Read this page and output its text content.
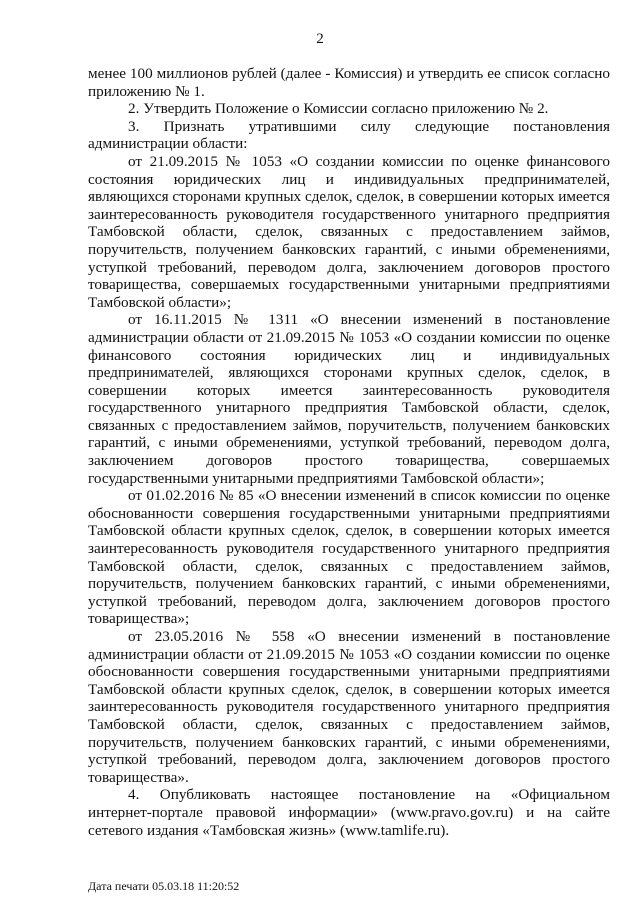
2
менее 100 миллионов рублей (далее - Комиссия) и утвердить ее список согласно
приложению № 1.
2. Утвердить Положение о Комиссии согласно приложению № 2.
3. Признать утратившими силу следующие постановления
администрации области:
от 21.09.2015 № 1053 «О создании комиссии по оценке финансового
состояния юридических лиц и индивидуальных предпринимателей,
являющихся сторонами крупных сделок, сделок, в совершении которых имеется
заинтересованность руководителя государственного унитарного предприятия
Тамбовской области, сделок, связанных с предоставлением займов,
поручительств, получением банковских гарантий, с иными обременениями,
уступкой требований, переводом долга, заключением договоров простого
товарищества, совершаемых государственными унитарными предприятиями
Тамбовской области»;
от 16.11.2015 № 1311 «О внесении изменений в постановление
администрации области от 21.09.2015 № 1053 «О создании комиссии по оценке
финансового состояния юридических лиц и индивидуальных
предпринимателей, являющихся сторонами крупных сделок, сделок, в
совершении которых имеется заинтересованность руководителя
государственного унитарного предприятия Тамбовской области, сделок,
связанных с предоставлением займов, поручительств, получением банковских
гарантий, с иными обременениями, уступкой требований, переводом долга,
заключением договоров простого товарищества, совершаемых
государственными унитарными предприятиями Тамбовской области»;
от 01.02.2016 № 85 «О внесении изменений в список комиссии по оценке
обоснованности совершения государственными унитарными предприятиями
Тамбовской области крупных сделок, сделок, в совершении которых имеется
заинтересованность руководителя государственного унитарного предприятия
Тамбовской области, сделок, связанных с предоставлением займов,
поручительств, получением банковских гарантий, с иными обременениями,
уступкой требований, переводом долга, заключением договоров простого
товарищества»;
от 23.05.2016 № 558 «О внесении изменений в постановление
администрации области от 21.09.2015 № 1053 «О создании комиссии по оценке
обоснованности совершения государственными унитарными предприятиями
Тамбовской области крупных сделок, сделок, в совершении которых имеется
заинтересованность руководителя государственного унитарного предприятия
Тамбовской области, сделок, связанных с предоставлением займов,
поручительств, получением банковских гарантий, с иными обременениями,
уступкой требований, переводом долга, заключением договоров простого
товарищества».
4. Опубликовать настоящее постановление на «Официальном
интернет-портале правовой информации» (www.pravo.gov.ru) и на сайте
сетевого издания «Тамбовская жизнь» (www.tamlife.ru).
Дата печати 05.03.18 11:20:52
